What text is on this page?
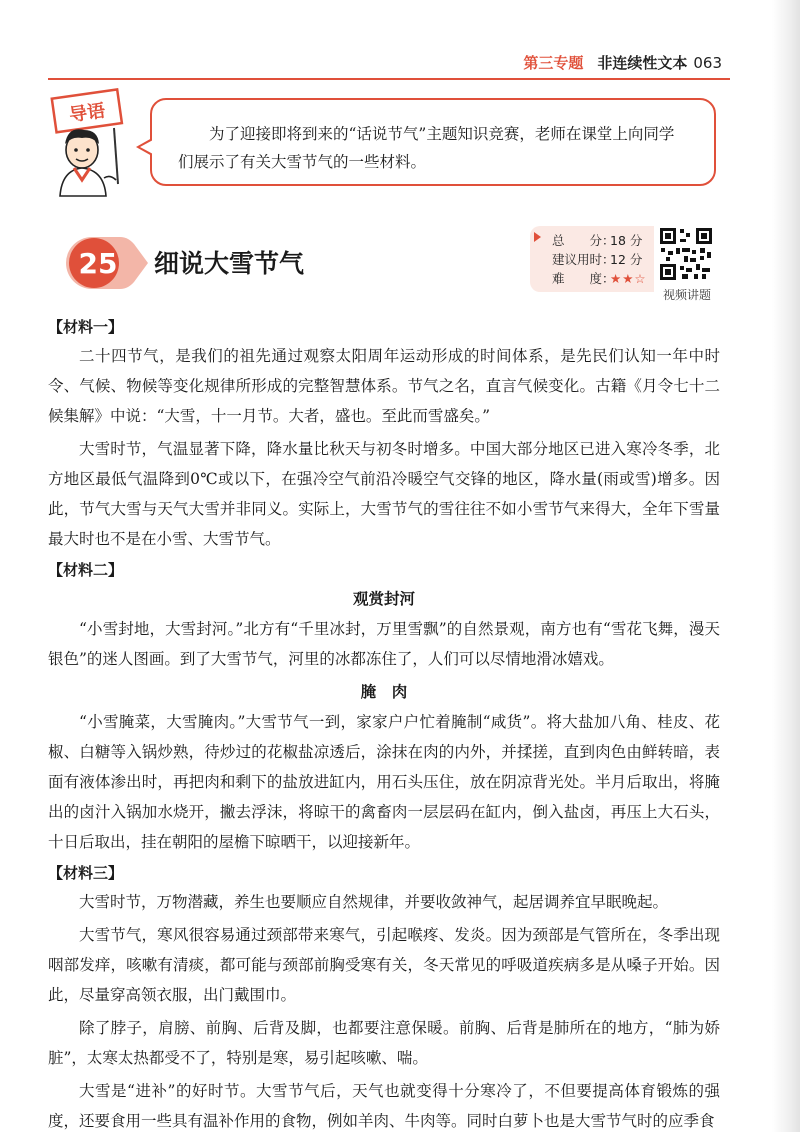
第三专题 非连续性文本 063
导语
为了迎接即将到来的“话说节气”主题知识竞赛，老师在课堂上向同学们展示了有关大雪节气的一些材料。
25 细说大雪节气
总　　分：18 分
建议用时：12 分
难　　度：★★☆
视频讲题
【材料一】

二十四节气，是我们的祖先通过观察太阳周年运动形成的时间体系，是先民们认知一年中时令、气候、物候等变化规律所形成的完整智慧体系。节气之名，直言气候变化。古籍《月令七十二候集解》中说：“大雪，十一月节。大者，盛也。至此而雪盛矣。”

大雪时节，气温显著下降，降水量比秋天与初冬时增多。中国大部分地区已进入寒冷冬季，北方地区最低气温降到0℃或以下，在强冷空气前沿冷暖空气交锋的地区，降水量(雨或雪)增多。因此，节气大雪与天气大雪并非同义。实际上，大雪节气的雪往往不如小雪节气来得大，全年下雪量最大时也不是在小雪、大雪节气。

【材料二】
观赏封河

“小雪封地，大雪封河。”北方有“千里冰封，万里雪飘”的自然景观，南方也有“雪花飞舞，漫天银色”的迷人图画。到了大雪节气，河里的冰都冻住了，人们可以尽情地滑冰嬉戏。

腌　肉

“小雪腌菜，大雪腌肉。”大雪节气一到，家家户户忙着腌制“咸货”。将大盐加八角、桂皮、花椒、白糖等入锅炒熟，待炒过的花椒盐凉透后，涂抹在肉的内外，并揉搓，直到肉色由鲜转暗，表面有液体渗出时，再把肉和剩下的盐放进缸内，用石头压住，放在阴凉背光处。半月后取出，将腌出的卤汁入锅加水烧开，撇去浮沫，将晾干的禽畜肉一层层码在缸内，倒入盐卤，再压上大石头，十日后取出，挂在朝阳的屋檐下晾晒干，以迎接新年。

【材料三】

大雪时节，万物潜藏，养生也要顺应自然规律，并要收敛神气，起居调养宜早眠晚起。

大雪节气，寒风很容易通过颈部带来寒气，引起喉疼、发炎。因为颈部是气管所在，冬季出现咽部发痒，咳嗽有清痰，都可能与颈部前胸受寒有关，冬天常见的呼吸道疾病多是从嗓子开始。因此，尽量穿高领衣服，出门戴围巾。

除了脖子，肩膀、前胸、后背及脚，也都要注意保暖。前胸、后背是肺所在的地方，“肺为娇脏”，太寒太热都受不了，特别是寒，易引起咳嗽、喘。

大雪是“进补”的好时节。大雪节气后，天气也就变得十分寒冷了，不但要提高体育锻炼的强度，还要食用一些具有温补作用的食物，例如羊肉、牛肉等。同时白萝卜也是大雪节气时的应季食
